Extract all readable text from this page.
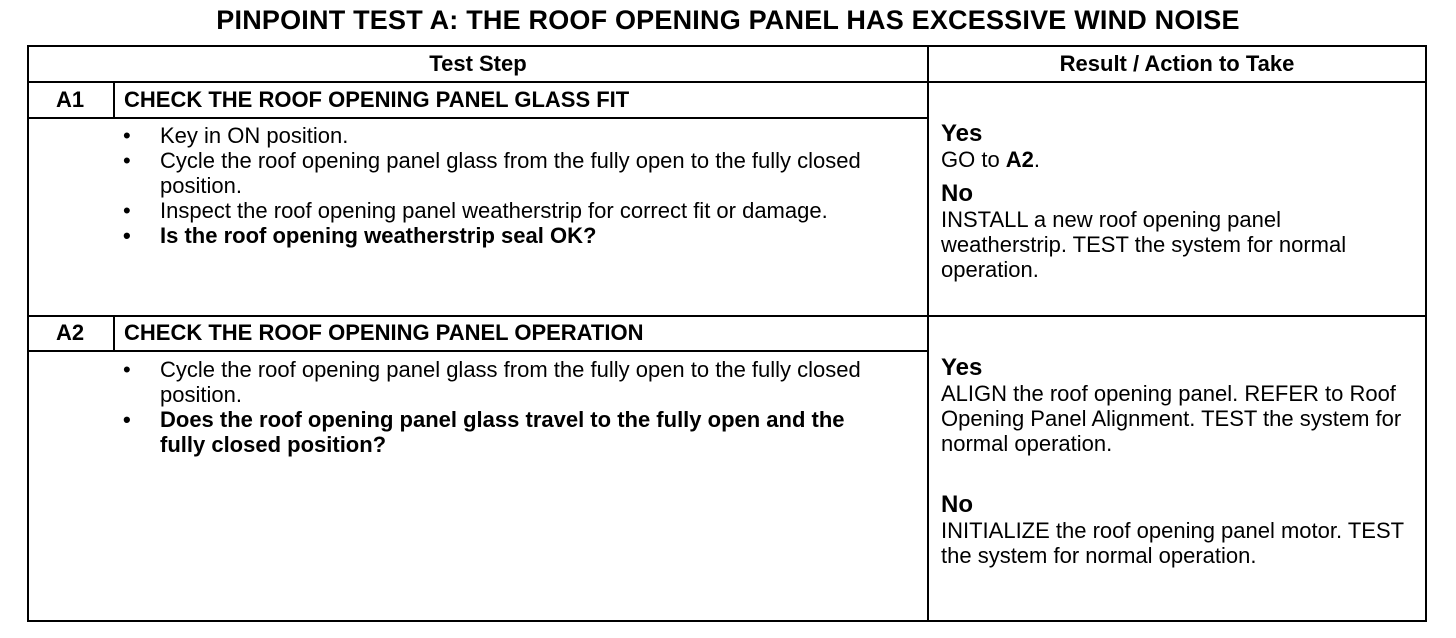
PINPOINT TEST A: THE ROOF OPENING PANEL HAS EXCESSIVE WIND NOISE
Test Step	Result / Action to Take
A1	CHECK THE ROOF OPENING PANEL GLASS FIT
• Key in ON position.
• Cycle the roof opening panel glass from the fully open to the fully closed position.
• Inspect the roof opening panel weatherstrip for correct fit or damage.
• Is the roof opening weatherstrip seal OK?
Yes
GO to A2.
No
INSTALL a new roof opening panel weatherstrip. TEST the system for normal operation.
A2	CHECK THE ROOF OPENING PANEL OPERATION
• Cycle the roof opening panel glass from the fully open to the fully closed position.
• Does the roof opening panel glass travel to the fully open and the fully closed position?
Yes
ALIGN the roof opening panel. REFER to Roof Opening Panel Alignment. TEST the system for normal operation.
No
INITIALIZE the roof opening panel motor. TEST the system for normal operation.
